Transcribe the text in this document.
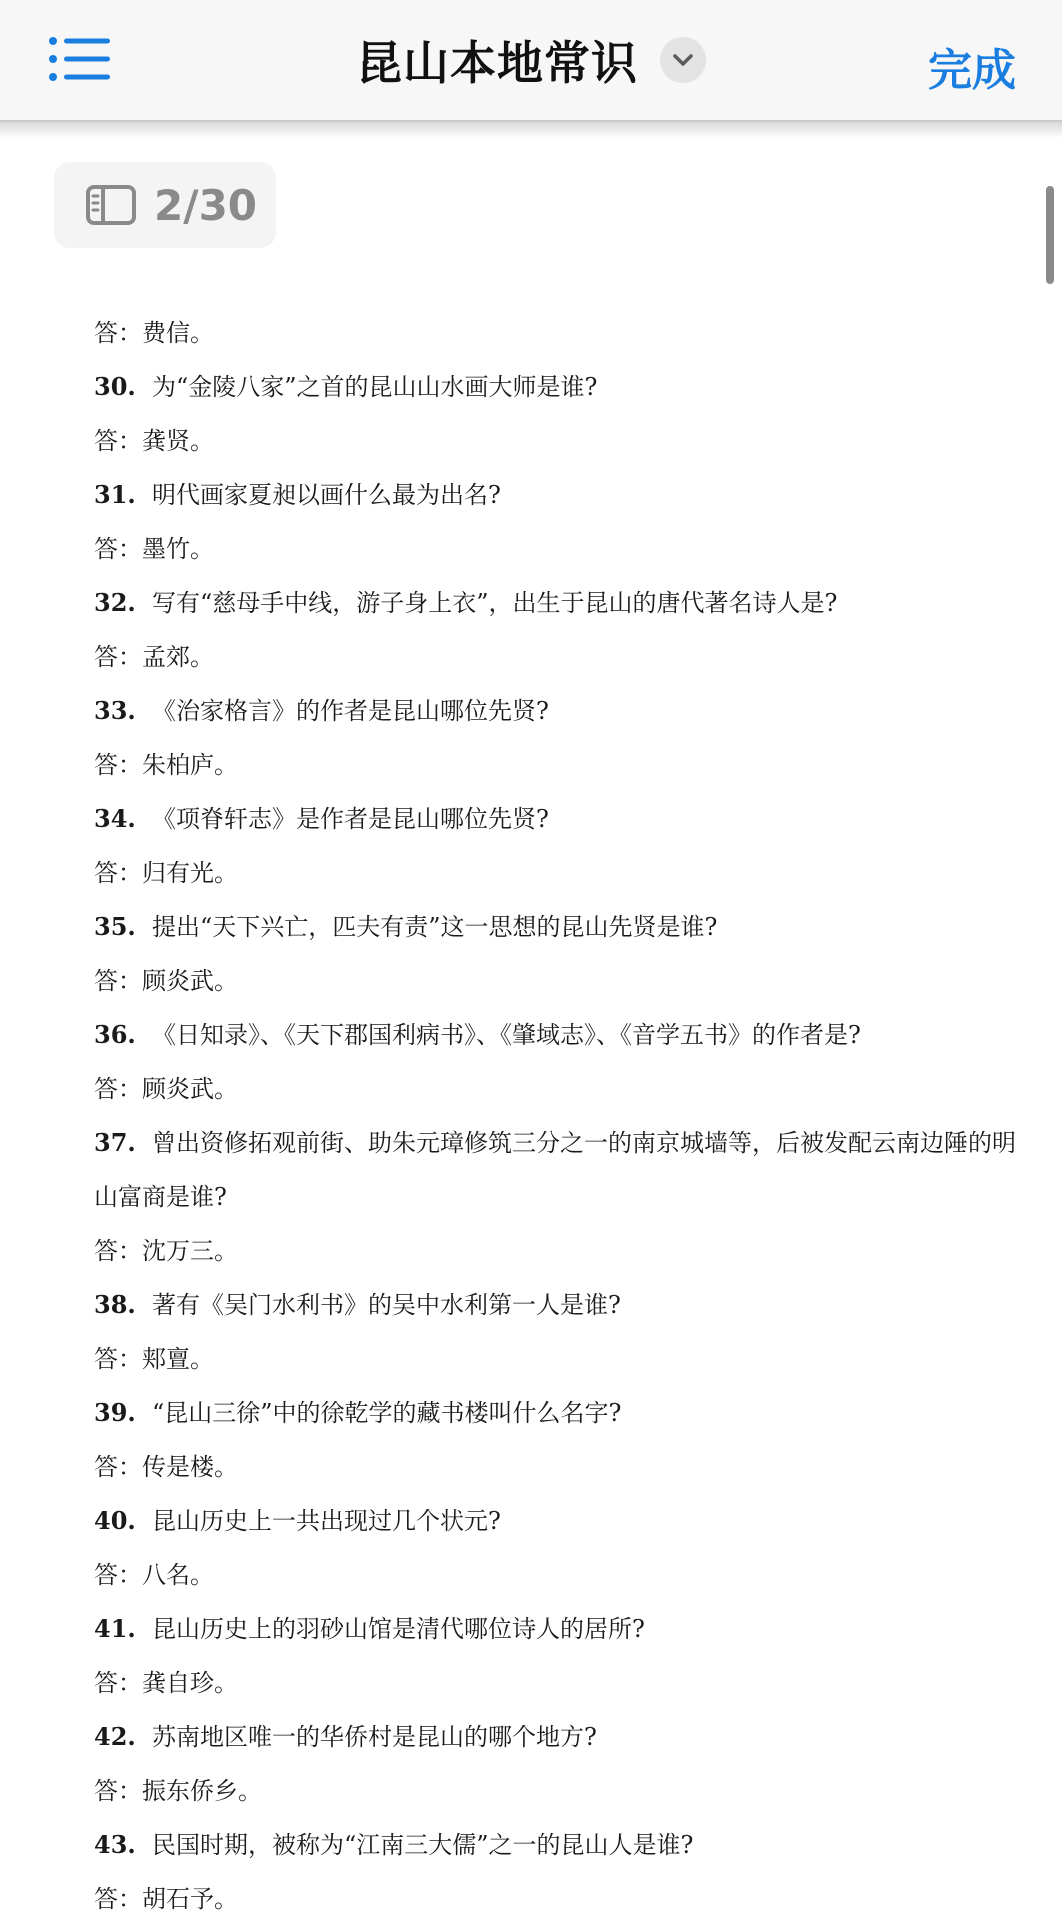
昆山本地常识	完成
2/30
答：费信。
30. 为“金陵八家”之首的昆山山水画大师是谁?
答：龚贤。
31. 明代画家夏昶以画什么最为出名?
答：墨竹。
32. 写有“慈母手中线，游子身上衣”，出生于昆山的唐代著名诗人是?
答：孟郊。
33. 《治家格言》的作者是昆山哪位先贤?
答：朱柏庐。
34. 《项脊轩志》是作者是昆山哪位先贤?
答：归有光。
35. 提出“天下兴亡，匹夫有责”这一思想的昆山先贤是谁?
答：顾炎武。
36. 《日知录》、《天下郡国利病书》、《肇域志》、《音学五书》的作者是?
答：顾炎武。
37. 曾出资修拓观前街、助朱元璋修筑三分之一的南京城墙等，后被发配云南边陲的明
山富商是谁?
答：沈万三。
38. 著有《吴门水利书》的吴中水利第一人是谁?
答：郏亶。
39. “昆山三徐”中的徐乾学的藏书楼叫什么名字?
答：传是楼。
40. 昆山历史上一共出现过几个状元?
答：八名。
41. 昆山历史上的羽砂山馆是清代哪位诗人的居所?
答：龚自珍。
42. 苏南地区唯一的华侨村是昆山的哪个地方?
答：振东侨乡。
43. 民国时期，被称为“江南三大儒”之一的昆山人是谁?
答：胡石予。
